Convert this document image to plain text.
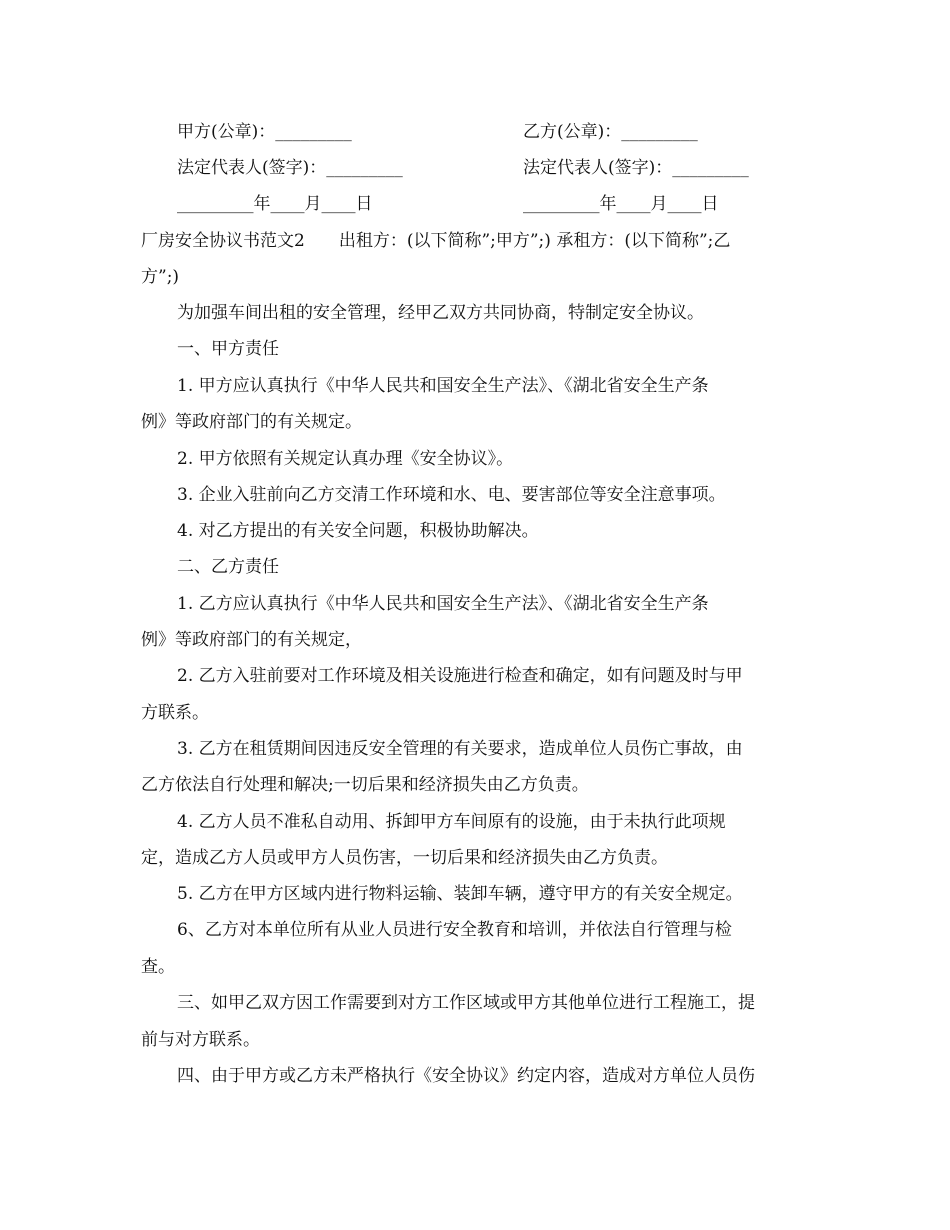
甲方(公章)：_________	乙方(公章)：_________
法定代表人(签字)：_________	法定代表人(签字)：_________
_________年____月____日	_________年____月____日
厂房安全协议书范文2　　出租方：(以下简称”;甲方”;) 承租方：(以下简称”;乙
方”;)
为加强车间出租的安全管理，经甲乙双方共同协商，特制定安全协议。
一、甲方责任
1. 甲方应认真执行《中华人民共和国安全生产法》、《湖北省安全生产条
例》等政府部门的有关规定。
2. 甲方依照有关规定认真办理《安全协议》。
3. 企业入驻前向乙方交清工作环境和水、电、要害部位等安全注意事项。
4. 对乙方提出的有关安全问题，积极协助解决。
二、乙方责任
1. 乙方应认真执行《中华人民共和国安全生产法》、《湖北省安全生产条
例》等政府部门的有关规定，
2. 乙方入驻前要对工作环境及相关设施进行检查和确定，如有问题及时与甲
方联系。
3. 乙方在租赁期间因违反安全管理的有关要求，造成单位人员伤亡事故，由
乙方依法自行处理和解决;一切后果和经济损失由乙方负责。
4. 乙方人员不准私自动用、拆卸甲方车间原有的设施，由于未执行此项规
定，造成乙方人员或甲方人员伤害，一切后果和经济损失由乙方负责。
5. 乙方在甲方区域内进行物料运输、装卸车辆，遵守甲方的有关安全规定。
6、乙方对本单位所有从业人员进行安全教育和培训，并依法自行管理与检
查。
三、如甲乙双方因工作需要到对方工作区域或甲方其他单位进行工程施工，提
前与对方联系。
四、由于甲方或乙方未严格执行《安全协议》约定内容，造成对方单位人员伤
